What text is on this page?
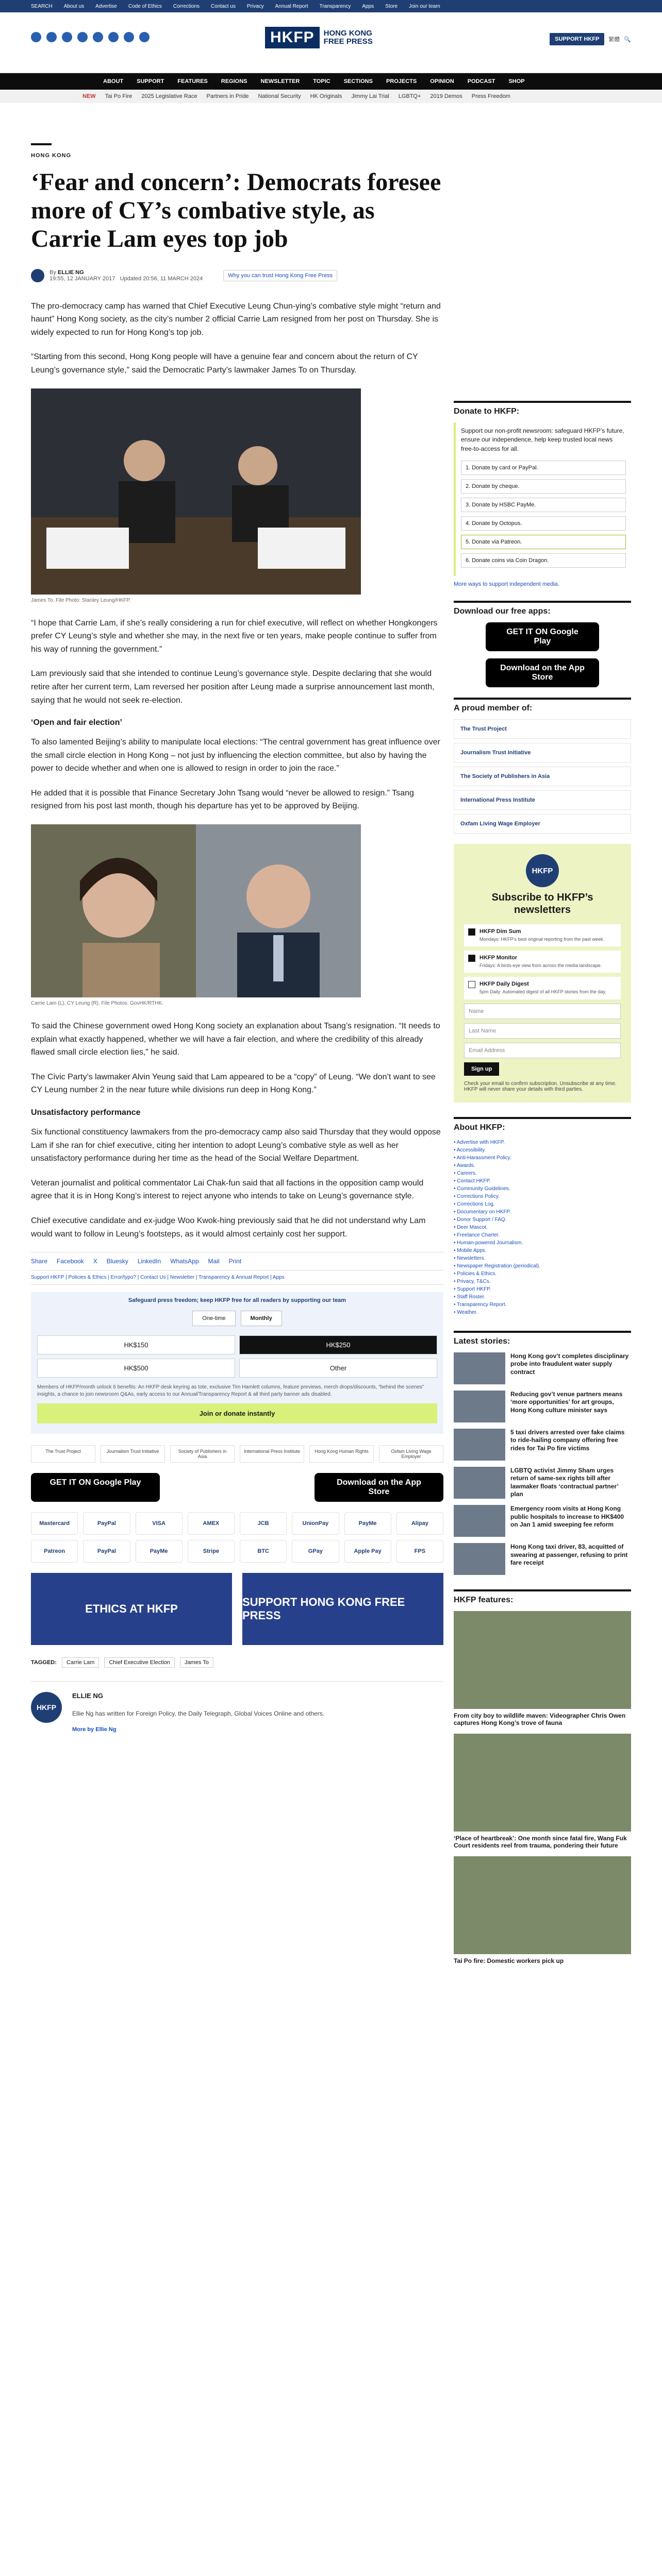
SEARCH About us Advertise Code of Ethics Corrections Contact us Privacy Annual Report Transparency Apps Store Join our team
HKFP	HONG KONG
FREE PRESS	SUPPORT HKFP	繁體 🔍
ABOUT SUPPORT FEATURES REGIONS NEWSLETTER TOPIC SECTIONS PROJECTS OPINION PODCAST SHOP
NEW Tai Po Fire 2025 Legislative Race Partners in Pride National Security HK Originals Jimmy Lai Trial LGBTQ+ 2019 Demos Press Freedom
HONG KONG
‘Fear and concern’: Democrats foresee more of CY’s combative style, as Carrie Lam eyes top job
By ELLIE NG
19:55, 12 JANUARY 2017 Updated 20:56, 11 MARCH 2024	Why you can trust Hong Kong Free Press

The pro-democracy camp has warned that Chief Executive Leung Chun-ying’s combative style might “return and haunt” Hong Kong society, as the city’s number 2 official Carrie Lam resigned from her post on Thursday. She is widely expected to run for Hong Kong’s top job.

“Starting from this second, Hong Kong people will have a genuine fear and concern about the return of CY Leung’s governance style,” said the Democratic Party’s lawmaker James To on Thursday.

James To. File Photo: Stanley Leung/HKFP.

“I hope that Carrie Lam, if she’s really considering a run for chief executive, will reflect on whether Hongkongers prefer CY Leung’s style and whether she may, in the next five or ten years, make people continue to suffer from his way of running the government.”

Lam previously said that she intended to continue Leung’s governance style. Despite declaring that she would retire after her current term, Lam reversed her position after Leung made a surprise announcement last month, saying that he would not seek re-election.

‘Open and fair election’

To also lamented Beijing’s ability to manipulate local elections: “The central government has great influence over the small circle election in Hong Kong – not just by influencing the election committee, but also by having the power to decide whether and when one is allowed to resign in order to join the race.”

He added that it is possible that Finance Secretary John Tsang would “never be allowed to resign.” Tsang resigned from his post last month, though his departure has yet to be approved by Beijing.

Carrie Lam (L), CY Leung (R). File Photos: GovHK/RTHK.

To said the Chinese government owed Hong Kong society an explanation about Tsang’s resignation. “It needs to explain what exactly happened, whether we will have a fair election, and where the credibility of this already flawed small circle election lies,” he said.

The Civic Party’s lawmaker Alvin Yeung said that Lam appeared to be a “copy” of Leung. “We don’t want to see CY Leung number 2 in the near future while divisions run deep in Hong Kong.”

Unsatisfactory performance

Six functional constituency lawmakers from the pro-democracy camp also said Thursday that they would oppose Lam if she ran for chief executive, citing her intention to adopt Leung’s combative style as well as her unsatisfactory performance during her time as the head of the Social Welfare Department.

Veteran journalist and political commentator Lai Chak-fun said that all factions in the opposition camp would agree that it is in Hong Kong’s interest to reject anyone who intends to take on Leung’s governance style.

Chief executive candidate and ex-judge Woo Kwok-hing previously said that he did not understand why Lam would want to follow in Leung’s footsteps, as it would almost certainly cost her support.

Share Facebook X Bluesky LinkedIn WhatsApp Mail Print
Support HKFP | Policies & Ethics | Error/typo? | Contact Us | Newsletter | Transparency & Annual Report | Apps
Safeguard press freedom; keep HKFP free for all readers by supporting our team
One-time	Monthly
HK$150	HK$250
HK$500	Other
Members of HKFP/month unlock 6 benefits: An HKFP desk keyring as tote, exclusive Tim Hamlett columns, feature previews, merch drops/discounts, “behind the scenes” insights, a chance to join newsroom Q&As, early access to our Annual/Transparency Report & all third party banner ads disabled.
Join or donate instantly
The Trust Project	Journalism Trust Initiative	Society of Publishers in Asia
International Press Institute	Hong Kong Human Rights	Oxfam Living Wage Employer
GET IT ON Google Play	Download on the App Store
Mastercard	PayPal	VISA	AMEX	JCB	UnionPay	PayMe	Alipay
Patreon	PayPal	PayMe	Stripe	BTC	GPay	Apple Pay	FPS
ETHICS AT HKFP
SUPPORT HONG KONG FREE PRESS
TAGGED:	Carrie Lam	Chief Executive Election	James To
HKFP
ELLIE NG
Ellie Ng has written for Foreign Policy, the Daily Telegraph, Global Voices Online and others.
More by Ellie Ng
Donate to HKFP:

Support our non-profit newsroom: safeguard HKFP’s future, ensure our independence, help keep trusted local news free-to-access for all.

1. Donate by card or PayPal.
2. Donate by cheque.
3. Donate by HSBC PayMe.
4. Donate by Octopus.
5. Donate via Patreon.
6. Donate coins via Coin Dragon.
More ways to support independent media.
Download our free apps:
GET IT ON Google Play
Download on the App Store
A proud member of:
The Trust Project
Journalism Trust Initiative
The Society of Publishers in Asia
International Press Institute
Oxfam Living Wage Employer
HKFP
Subscribe to HKFP’s newsletters
HKFP Dim Sum
Mondays: HKFP’s best original reporting from the past week.
HKFP Monitor
Fridays: A birds-eye view from across the media landscape.
HKFP Daily Digest
5pm Daily: Automated digest of all HKFP stories from the day.
Name
Last Name
Email Address
Sign up
Check your email to confirm subscription. Unsubscribe at any time. HKFP will never share your details with third parties.
About HKFP:
• Advertise with HKFP.
• Accessibility.
• Anti-Harassment Policy.
• Awards.
• Careers.
• Contact HKFP.
• Community Guidelines.
• Corrections Policy.
• Corrections Log.
• Documentary on HKFP.
• Donor Support / FAQ.
• Deer Mascot.
• Freelance Charter.
• Human-powered Journalism.
• Mobile Apps.
• Newsletters.
• Newspaper Registration (periodical).
• Policies & Ethics.
• Privacy, T&Cs.
• Support HKFP.
• Staff Roster.
• Transparency Report.
• Weather.
Latest stories:
Hong Kong gov’t completes disciplinary probe into fraudulent water supply contract
Reducing gov’t venue partners means ‘more opportunities’ for art groups, Hong Kong culture minister says
5 taxi drivers arrested over fake claims to ride-hailing company offering free rides for Tai Po fire victims
LGBTQ activist Jimmy Sham urges return of same-sex rights bill after lawmaker floats ‘contractual partner’ plan
Emergency room visits at Hong Kong public hospitals to increase to HK$400 on Jan 1 amid sweeping fee reform
Hong Kong taxi driver, 83, acquitted of swearing at passenger, refusing to print fare receipt
HKFP features:
From city boy to wildlife maven: Videographer Chris Owen captures Hong Kong’s trove of fauna
‘Place of heartbreak’: One month since fatal fire, Wang Fuk Court residents reel from trauma, pondering their future
Tai Po fire: Domestic workers pick up
